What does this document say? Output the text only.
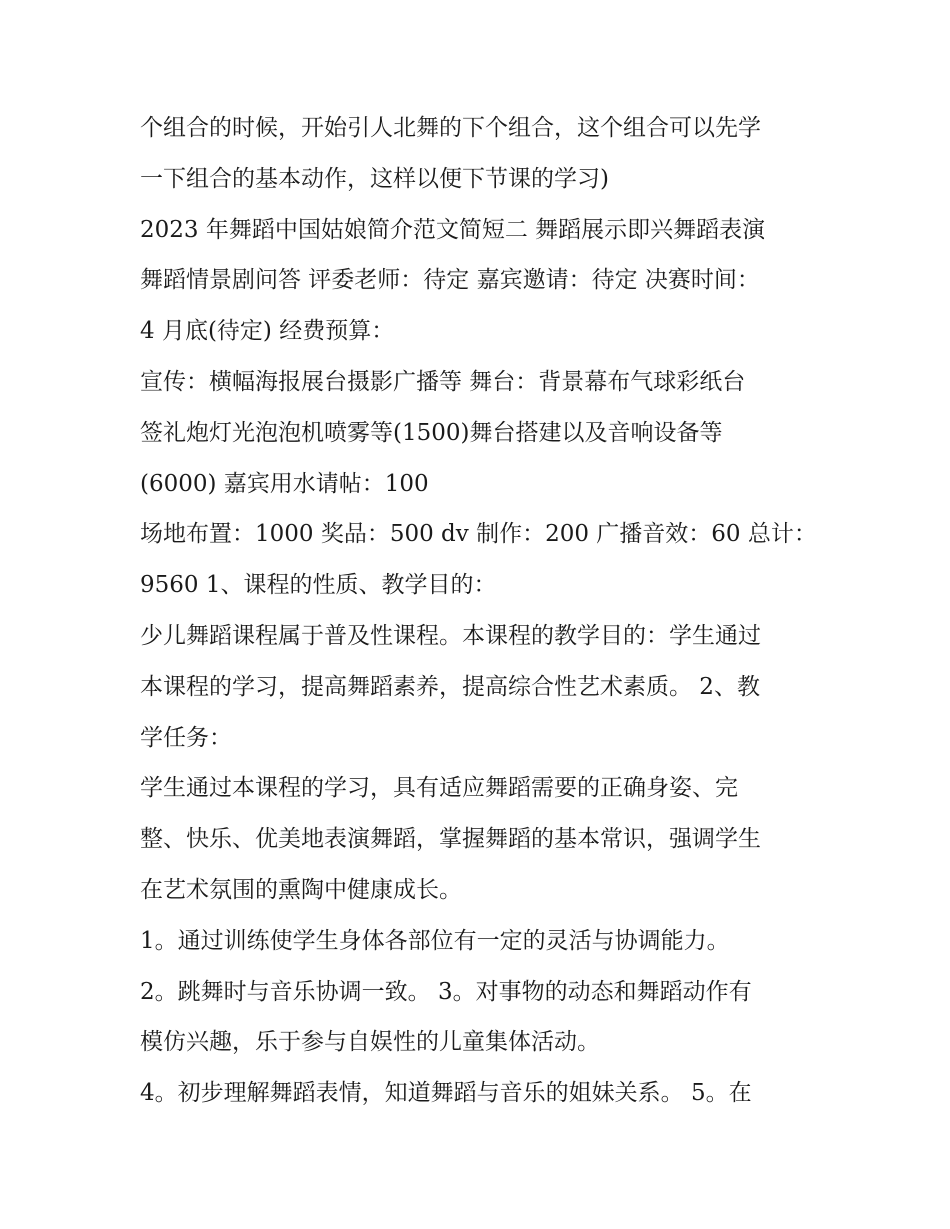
个组合的时候，开始引人北舞的下个组合，这个组合可以先学
一下组合的基本动作，这样以便下节课的学习)
2023 年舞蹈中国姑娘简介范文简短二 舞蹈展示即兴舞蹈表演
舞蹈情景剧问答 评委老师：待定 嘉宾邀请：待定 决赛时间：
4 月底(待定) 经费预算：
宣传：横幅海报展台摄影广播等 舞台：背景幕布气球彩纸台
签礼炮灯光泡泡机喷雾等(1500)舞台搭建以及音响设备等
(6000) 嘉宾用水请帖：100
场地布置：1000 奖品：500 dv 制作：200 广播音效：60 总计：
9560 1、课程的性质、教学目的：
少儿舞蹈课程属于普及性课程。本课程的教学目的：学生通过
本课程的学习，提高舞蹈素养，提高综合性艺术素质。 2、教
学任务：
学生通过本课程的学习，具有适应舞蹈需要的正确身姿、完
整、快乐、优美地表演舞蹈，掌握舞蹈的基本常识，强调学生
在艺术氛围的熏陶中健康成长。
1。通过训练使学生身体各部位有一定的灵活与协调能力。
2。跳舞时与音乐协调一致。 3。对事物的动态和舞蹈动作有
模仿兴趣，乐于参与自娱性的儿童集体活动。
4。初步理解舞蹈表情，知道舞蹈与音乐的姐妹关系。 5。在
